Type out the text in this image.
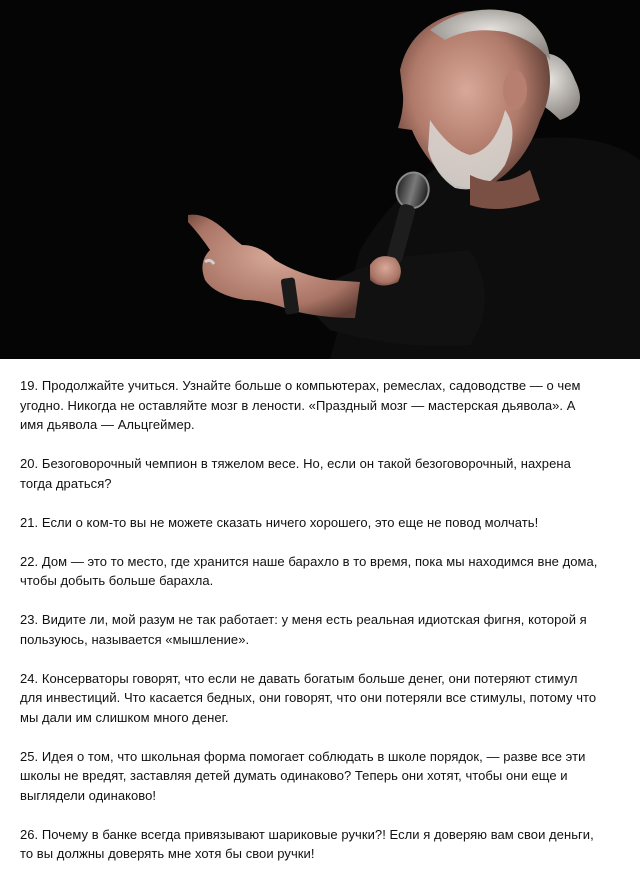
19. Продолжайте учиться. Узнайте больше о компьютерах, ремеслах, садоводстве — о чем угодно. Никогда не оставляйте мозг в лености. «Праздный мозг — мастерская дьявола». А имя дьявола — Альцгеймер.
20. Безоговорочный чемпион в тяжелом весе. Но, если он такой безоговорочный, нахрена тогда драться?
21. Если о ком-то вы не можете сказать ничего хорошего, это еще не повод молчать!
22. Дом — это то место, где хранится наше барахло в то время, пока мы находимся вне дома, чтобы добыть больше барахла.
23. Видите ли, мой разум не так работает: у меня есть реальная идиотская фигня, которой я пользуюсь, называется «мышление».
24. Консерваторы говорят, что если не давать богатым больше денег, они потеряют стимул для инвестиций. Что касается бедных, они говорят, что они потеряли все стимулы, потому что мы дали им слишком много денег.
25. Идея о том, что школьная форма помогает соблюдать в школе порядок, — разве все эти школы не вредят, заставляя детей думать одинаково? Теперь они хотят, чтобы они еще и выглядели одинаково!
26. Почему в банке всегда привязывают шариковые ручки?! Если я доверяю вам свои деньги, то вы должны доверять мне хотя бы свои ручки!
